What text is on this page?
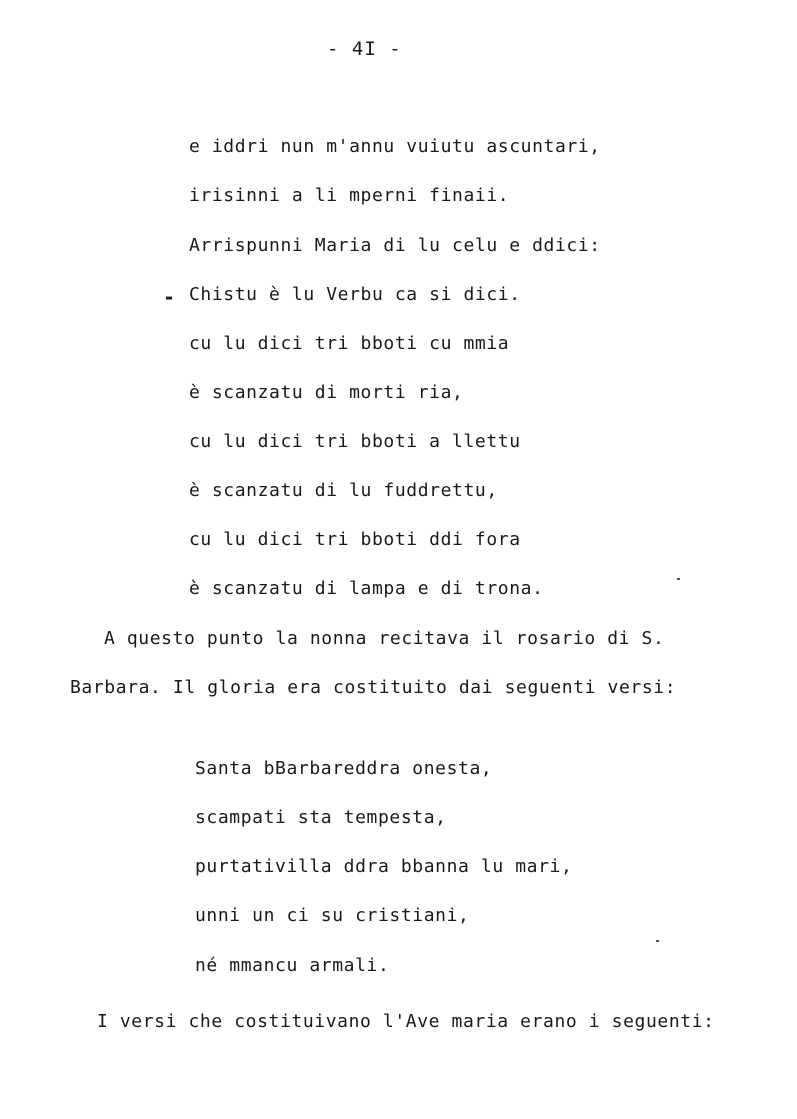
- 4I -
e iddri nun m'annu vuiutu ascuntari,
irisinni a li mperni finaii.
Arrispunni Maria di lu celu e ddici:
- Chistu è lu Verbu ca si dici.
cu lu dici tri bboti cu mmia
è scanzatu di morti ria,
cu lu dici tri bboti a llettu
è scanzatu di lu fuddrettu,
cu lu dici tri bboti ddi fora
è scanzatu di lampa e di trona.
A questo punto la nonna recitava il rosario di S.
Barbara. Il gloria era costituito dai seguenti versi:
Santa bBarbareddra onesta,
scampati sta tempesta,
purtativilla ddra bbanna lu mari,
unni un ci su cristiani,
né mmancu armali.
I versi che costituivano l'Ave maria erano i seguenti:
